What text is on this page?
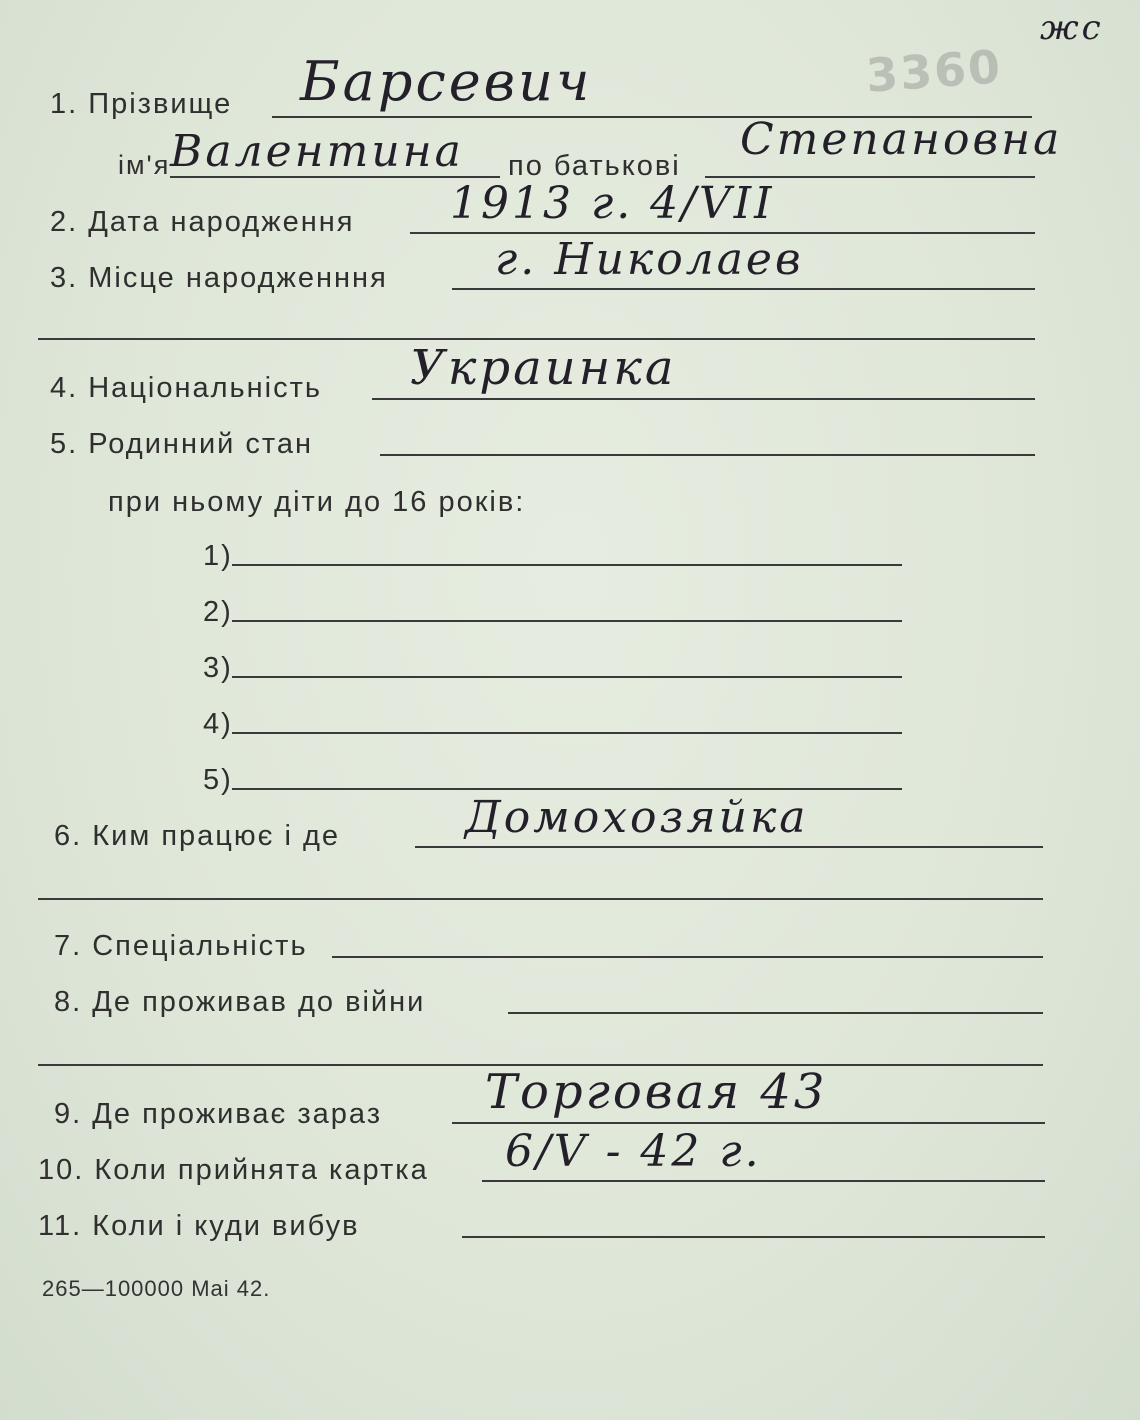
жс
3360
1. Прізвище Барсевич
ім'я Валентина по батькові
Степановна
2. Дата народження 1913 г. 4/VII
3. Місце народженння г. Николаев
4. Національність Украинка
5. Родинний стан
при ньому діти до 16 років:
1)
2)
3)
4)
5)
6. Ким працює і де	Домохозяйка
7. Спеціальність
8. Де проживав до війни
9. Де проживає зараз Торговая 43
10. Коли прийнята картка 6/V - 42 г.
11. Коли і куди вибув
265—100000 Mai 42.
